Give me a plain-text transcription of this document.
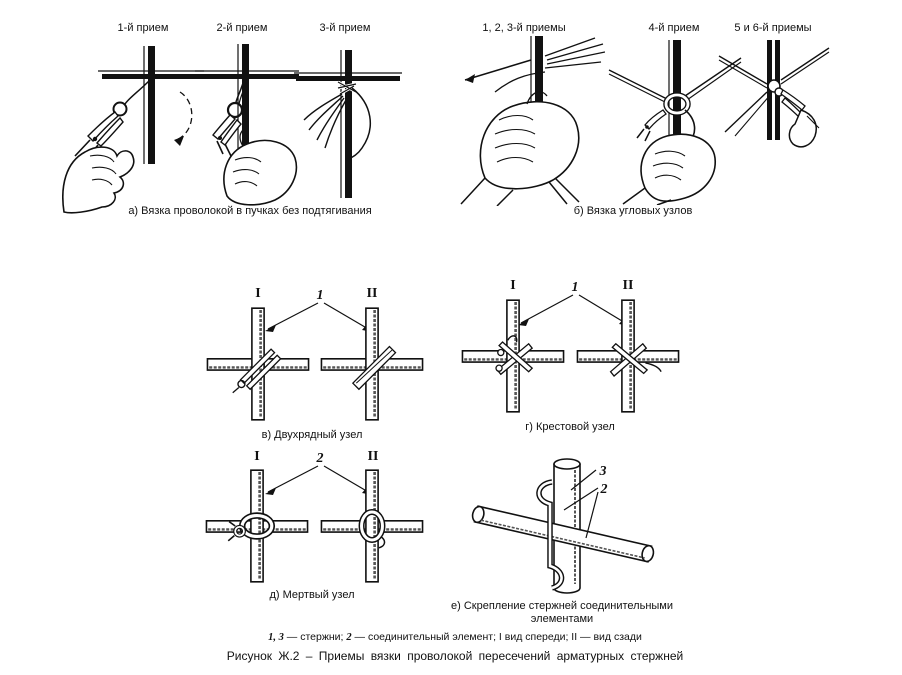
1-й прием	2-й прием	3-й прием	1, 2, 3-й приемы	4-й прием	5 и 6-й приемы
а) Вязка проволокой в пучках без подтягивания	б) Вязка угловых узлов
I	II
1
в) Двухрядный узел
I	II
1
г) Крестовой узел
I	II
2
д) Мертвый узел
3
2
е) Скрепление стержней соединительными
элементами
1, 3 — стержни; 2 — соединительный элемент; I вид спереди; II — вид сзади
Рисунок Ж.2 – Приемы вязки проволокой пересечений арматурных стержней
